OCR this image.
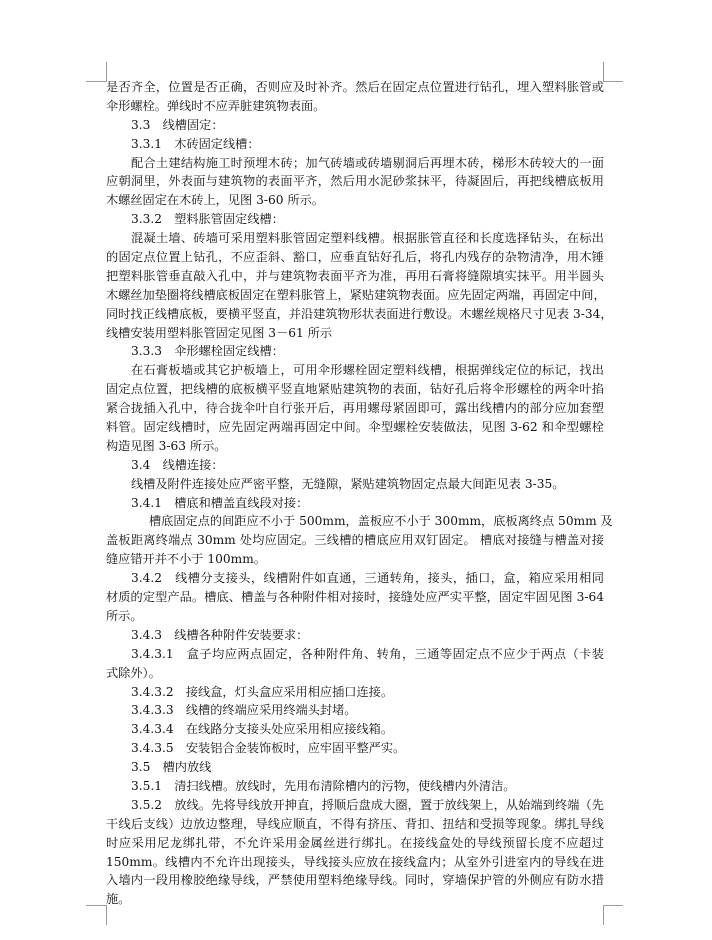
是否齐全，位置是否正确，否则应及时补齐。然后在固定点位置进行钻孔，埋入塑料胀管或
伞形螺栓。弹线时不应弄脏建筑物表面。
3.3　线槽固定：
3.3.1　木砖固定线槽：
配合土建结构施工时预埋木砖；加气砖墙或砖墙剔洞后再埋木砖，梯形木砖较大的一面
应朝洞里，外表面与建筑物的表面平齐，然后用水泥砂浆抹平，待凝固后，再把线槽底板用
木螺丝固定在木砖上，见图 3-60 所示。
3.3.2　塑料胀管固定线槽：
混凝土墙、砖墙可采用塑料胀管固定塑料线槽。根据胀管直径和长度选择钻头，在标出
的固定点位置上钻孔，不应歪斜、豁口，应垂直钻好孔后，将孔内残存的杂物清净，用木锤
把塑料胀管垂直敲入孔中，并与建筑物表面平齐为准，再用石膏将缝隙填实抹平。用半圆头
木螺丝加垫圈将线槽底板固定在塑料胀管上，紧贴建筑物表面。应先固定两端，再固定中间，
同时找正线槽底板，要横平竖直，并沿建筑物形状表面进行敷设。木螺丝规格尺寸见表 3-34，
线槽安装用塑料胀管固定见图 3－61 所示
3.3.3　伞形螺栓固定线槽：
在石膏板墙或其它护板墙上，可用伞形螺栓固定塑料线槽，根据弹线定位的标记，找出
固定点位置，把线槽的底板横平竖直地紧贴建筑物的表面，钻好孔后将伞形螺栓的两伞叶掐
紧合拢插入孔中，待合拢伞叶自行张开后，再用螺母紧固即可，露出线槽内的部分应加套塑
料管。固定线槽时，应先固定两端再固定中间。伞型螺栓安装做法，见图 3-62 和伞型螺栓
构造见图 3-63 所示。
3.4　线槽连接：
线槽及附件连接处应严密平整，无缝隙，紧贴建筑物固定点最大间距见表 3-35。
3.4.1　槽底和槽盖直线段对接：
槽底固定点的间距应不小于 500mm，盖板应不小于 300mm，底板离终点 50mm 及
盖板距离终端点 30mm 处均应固定。三线槽的槽底应用双钉固定。 槽底对接缝与槽盖对接
缝应错开并不小于 100mm。
3.4.2　线槽分支接头，线槽附件如直通，三通转角，接头，插口，盒，箱应采用相同
材质的定型产品。槽底、槽盖与各种附件相对接时，接缝处应严实平整，固定牢固见图 3-64
所示。
3.4.3　线槽各种附件安装要求：
3.4.3.1　盒子均应两点固定，各种附件角、转角，三通等固定点不应少于两点（卡装
式除外）。
3.4.3.2　接线盒，灯头盒应采用相应插口连接。
3.4.3.3　线槽的终端应采用终端头封堵。
3.4.3.4　在线路分支接头处应采用相应接线箱。
3.4.3.5　安装铝合金装饰板时，应牢固平整严实。
3.5　槽内放线
3.5.1　清扫线槽。放线时，先用布清除槽内的污物，使线槽内外清洁。
3.5.2　放线。先将导线放开抻直，捋顺后盘成大圈，置于放线架上，从始端到终端（先
干线后支线）边放边整理，导线应顺直，不得有挤压、背扣、扭结和受损等现象。绑扎导线
时应采用尼龙绑扎带，不允许采用金属丝进行绑扎。在接线盒处的导线预留长度不应超过
150mm。线槽内不允许出现接头，导线接头应放在接线盒内；从室外引进室内的导线在进
入墙内一段用橡胶绝缘导线，严禁使用塑料绝缘导线。同时，穿墙保护管的外侧应有防水措
施。
